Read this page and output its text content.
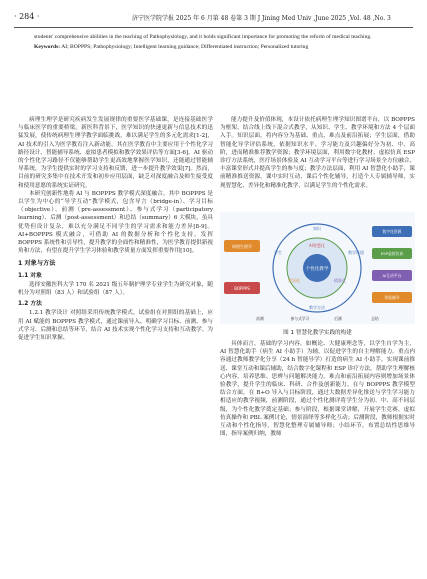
· 284 ·	济宁医学院学报 2025 年 6 月第 48 卷第 3 期 J Jining Med Univ ,June 2025 ,Vol. 48 ,No. 3
students' comprehensive abilities in the teaching of Pathophysiology, and it holds significant importance for promoting the reform of medical teaching.
Keywords: AI; BOPPPS; Pathophysiology; Intelligent learning guidance; Differentiated instruction; Personalized tutoring

病理生理学是研究疾病发生发展规律的重要医学基础课，是连接基础医学与临床医学的重要桥梁。新医科背景下，医学知识的快速更新与信息技术的迅猛发展，使传统病理生理学教学面临挑战，难以满足学生的多元化需求[1-2]，AI 技术的引入为医学教育注入新动能，其在医学教育中主要应用于个性化学习路径设计、智能辅导系统、虚拟患者模拟和教学效果评估等方面[3-6]。AI 驱动的个性化学习路径不仅能够帮助学生更高效地掌握医学知识，还能通过智能辅导系统，为学生提供实时的学习支持和反馈，进一步提升教学效果[7]。然而，目前的研究多集中在技术开发和初步应用层面，缺乏对深度融合及师生接受度和使用意愿的系统实证研究。

本研究创新性地将 AI 与 BOPPPS 教学模式深度融合。其中 BOPPPS 是以学生为中心的“导学互动”教学模式，包含导言（bridge-in）、学习目标（objective）、前测（pre-assessment）、参与式学习（participatory learning）、后测（post-assessment）和总结（summary）6 大模块，虽具优势但设计复杂，难以充分满足不同学生的学习需求和能力差异[8-9]。AI+BOPPPS 模式融合，可借助 AI 的数据分析和个性化支持，发挥 BOPPPS 系统性和引导性，提升教学的全面性和精准性，为医学教育提供新视角和方法，有望在提升学生学习体验和教学质量方面发挥重要作用[10]。

1 对象与方法
1.1 对象

选择安徽医科大学 170 名 2021 级五年制护理学专业学生为研究对象，随机分为对照组（83 人）和试验组（87 人）。

1.2 方法

1.2.1 教学设计 对照组采用传统教学模式。试验组在对照组的基础上，应用 AI 赋能的 BOPPPS 教学模式，通过课前导入、明确学习目标、前测、参与式学习、后测和总结等环节，结合 AI 技术实现个性化学习支持和互动教学。为促进学生知识掌握、

能力提升及价值体现，本设计依托病理生理学知识图谱平台，以 BOPPPS 为框架，结合线上线下混合式教学，从知识、学生、教学环境和方法 4 个层面入手。知识层面，将内容分为基础、重点、难点及前沿拓展；学生层面，借助智能化导学评估系统，依据知识水平、学习能力及兴趣偏好分为初、中、高阶，进而精准推荐教学资源；教学环境层面，利用数字化教材、虚拟仿真 ESP 诊疗方法系统，医疗场景体验及 AI 互动学习平台等进行学习场景全方位融合，丰富课堂形式并提高学生的参与度；教学方法层面，利用 AI 智慧化小助手，课前精准推送资源，课中实时互动，课后个性化辅导，打造个人专属辅导师，实现智慧化、差异化和精准化教学，以满足学生的个性化需求。

个性化教学
AI智慧化
差异化	精准化
知识
学生	教学环境
教学方法
病理生理学
BOPPPS
数字化资源
ESP虚拟仿真
AI互动平台
智能辅导
前测	参与式学习	后测	总结
图 1 智慧化教学实践的构建

具体而言，基础的学习内容，如概论、大健康理念等，以学生自学为主，AI 智慧化助手（病生 AI 小助手）为辅，以促进学生的自主理解能力。重点内容通过教师教学化分享（24 h 智能导学）打造的病生 AI 小助手，实现课前推送、课堂互动和课后辅助，结合数字化课程和 ESP 诊疗方法，帮助学生理解核心内容，培养思维、思辨与问题解决能力。难点和前沿拓展内容则增加场景体验教学，提升学生的临床、科研、合作及创新能力。在与 BOPPPS 教学模型结合方面，在 B+O 导入与目标阶段，通过大数据差异化推送与学生学习能力相适应的教学视频，前测阶段，通过个性化测评将学生分为初、中、高不同层级，为个性化教学奠定基础；参与阶段，根据课堂讲解，开展学生竞赛、虚拟仿真操作和 PBL 案例讨论，情景演绎等多样化互动；后测阶段，教师根据实时互动和个性化指导，智慧化整理专属辅导师；小结环节，布置总结性思维导图，指导案例归纳，教师
